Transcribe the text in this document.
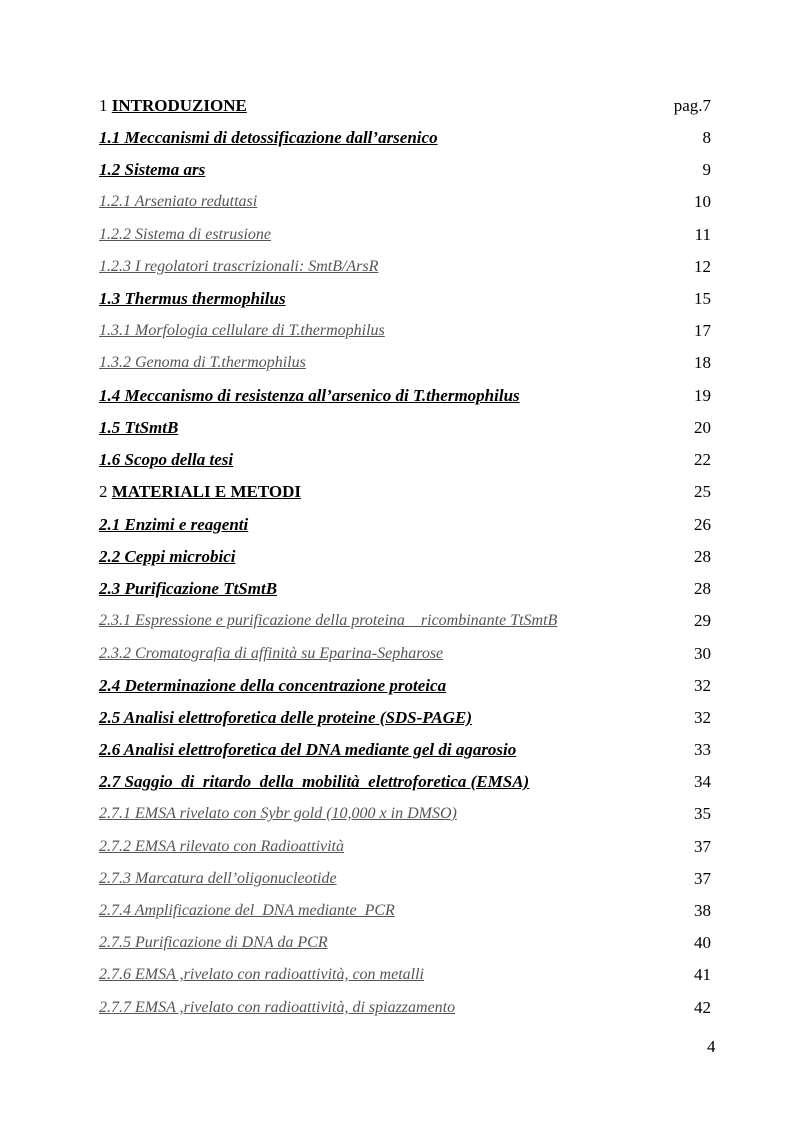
1 INTRODUZIONE	pag.7
1.1 Meccanismi di detossificazione dall’arsenico	8
1.2 Sistema ars	9
1.2.1 Arseniato reduttasi	10
1.2.2 Sistema di estrusione	11
1.2.3 I regolatori trascrizionali: SmtB/ArsR	12
1.3 Thermus thermophilus	15
1.3.1 Morfologia cellulare di T.thermophilus	17
1.3.2 Genoma di T.thermophilus	18
1.4 Meccanismo di resistenza all’arsenico di T.thermophilus	19
1.5 TtSmtB	20
1.6 Scopo della tesi	22
2 MATERIALI E METODI	25
2.1 Enzimi e reagenti	26
2.2 Ceppi microbici	28
2.3 Purificazione TtSmtB	28
2.3.1 Espressione e purificazione della proteina    ricombinante TtSmtB	29
2.3.2 Cromatografia di affinità su Eparina-Sepharose	30
2.4 Determinazione della concentrazione proteica	32
2.5 Analisi elettroforetica delle proteine (SDS-PAGE)	32
2.6 Analisi elettroforetica del DNA mediante gel di agarosio	33
2.7 Saggio  di  ritardo  della  mobilità  elettroforetica (EMSA)	34
2.7.1 EMSA rivelato con Sybr gold (10,000 x in DMSO)	35
2.7.2 EMSA rilevato con Radioattività	37
2.7.3 Marcatura dell’oligonucleotide	37
2.7.4 Amplificazione del  DNA mediante  PCR	38
2.7.5 Purificazione di DNA da PCR	40
2.7.6 EMSA ,rivelato con radioattività, con metalli	41
2.7.7 EMSA ,rivelato con radioattività, di spiazzamento	42
4
